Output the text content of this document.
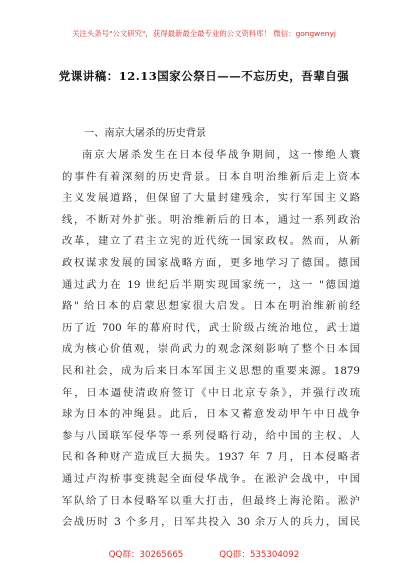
关注头条号"公文研究"，获得最新最全最专业的公文资料库！ 微信：gongwenyj
党课讲稿：12.13国家公祭日——不忘历史，吾辈自强
一、南京大屠杀的历史背景
南京大屠杀发生在日本侵华战争期间，这一惨绝人寰
的事件有着深刻的历史背景。日本自明治维新后走上资本
主义发展道路，但保留了大量封建残余，实行军国主义路
线，不断对外扩张。明治维新后的日本，通过一系列政治
改革，建立了君主立宪的近代统一国家政权。然而，从新
政权谋求发展的国家战略方面，更多地学习了德国。德国
通过武力在 19 世纪后半期实现国家统一，这一 "德国道
路" 给日本的启蒙思想家很大启发。日本在明治维新前经
历了近 700 年的幕府时代，武士阶级占统治地位，武士道
成为核心价值观，崇尚武力的观念深刻影响了整个日本国
民和社会，成为后来日本军国主义思想的重要来源。1879
年，日本逼使清政府签订《中日北京专条》，并强行改琉
球为日本的冲绳县。此后，日本又蓄意发动甲午中日战争
参与八国联军侵华等一系列侵略行动，给中国的主权、人
民和各种财产造成巨大损失。1937 年 7 月，日本侵略者
通过卢沟桥事变挑起全面侵华战争。在淞沪会战中，中国
军队给了日本侵略军以重大打击，但最终上海沦陷。淞沪
会战历时 3 个多月，日军共投入 30 余万人的兵力，国民
QQ群：30265665	QQ群：535304092
